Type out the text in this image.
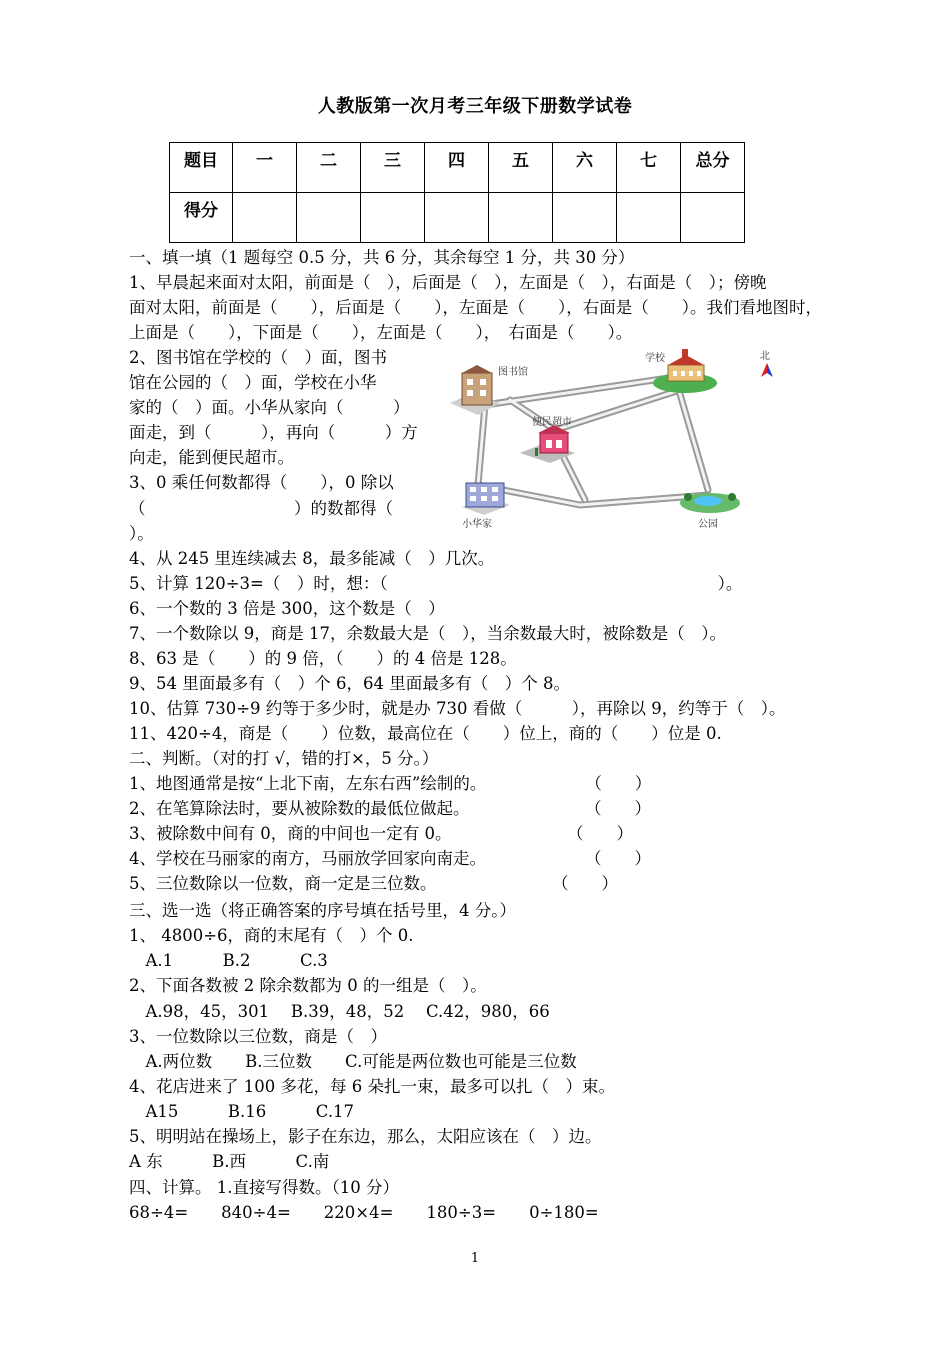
人教版第一次月考三年级下册数学试卷
题目	一	二	三	四	五	六	七	总分
得分								
一、填一填（1 题每空 0.5 分，共 6 分，其余每空 1 分，共 30 分）
1、早晨起来面对太阳，前面是（　），后面是（　），左面是（　），右面是（　）；傍晚
面对太阳，前面是（　　），后面是（　　），左面是（　　），右面是（　　）。我们看地图时，
上面是（　　），下面是（　　），左面是（　　），　右面是（　　）。
2、图书馆在学校的（　）面，图书
馆在公园的（　）面，学校在小华
家的（　）面。小华从家向（　　　）
面走，到（　　　），再向（　　　）方
向走，能到便民超市。
3、0 乘任何数都得（　　），0 除以
（　　　　　　　　　）的数都得（
）。
4、从 245 里连续减去 8，最多能减（　）几次。
5、计算 120÷3=（　）时，想：（　　　　　　　　　　　　　　　　　　　　）。
6、一个数的 3 倍是 300，这个数是（　）
7、一个数除以 9，商是 17，余数最大是（　），当余数最大时，被除数是（　）。
8、63 是（　　）的 9 倍，（　　）的 4 倍是 128。
9、54 里面最多有（　）个 6，64 里面最多有（　）个 8。
10、估算 730÷9 约等于多少时，就是办 730 看做（　　　），再除以 9，约等于（　）。
11、420÷4，商是（　　）位数，最高位在（　　）位上，商的（　　）位是 0.
二、判断。（对的打 √，错的打×，5 分。）
1、地图通常是按“上北下南，左东右西”绘制的。　　　　　　　（　　）
2、在笔算除法时，要从被除数的最低位做起。　　　　　　　　（　　）
3、被除数中间有 0，商的中间也一定有 0。　　　　　　　　（　　）
4、学校在马丽家的南方，马丽放学回家向南走。　　　　　　　（　　）
5、三位数除以一位数，商一定是三位数。　　　　　　　　（　　）
三、选一选（将正确答案的序号填在括号里，4 分。）
1、 4800÷6，商的末尾有（　）个 0.
　A.1　　　B.2　　　C.3
2、下面各数被 2 除余数都为 0 的一组是（　）。
　A.98，45，301　 B.39，48，52　 C.42，980，66
3、一位数除以三位数，商是（　）
　A.两位数　　B.三位数　　C.可能是两位数也可能是三位数
4、花店进来了 100 多花，每 6 朵扎一束，最多可以扎（　）束。
　A15　　　B.16　　　C.17
5、明明站在操场上，影子在东边，那么，太阳应该在（　）边。
A 东　　　B.西　　　C.南
四、计算。 1.直接写得数。（10 分）
68÷4=　　840÷4=　　220×4=　　180÷3=　　0÷180=
图书馆
学校	北
便民超市
小华家	公园
1
